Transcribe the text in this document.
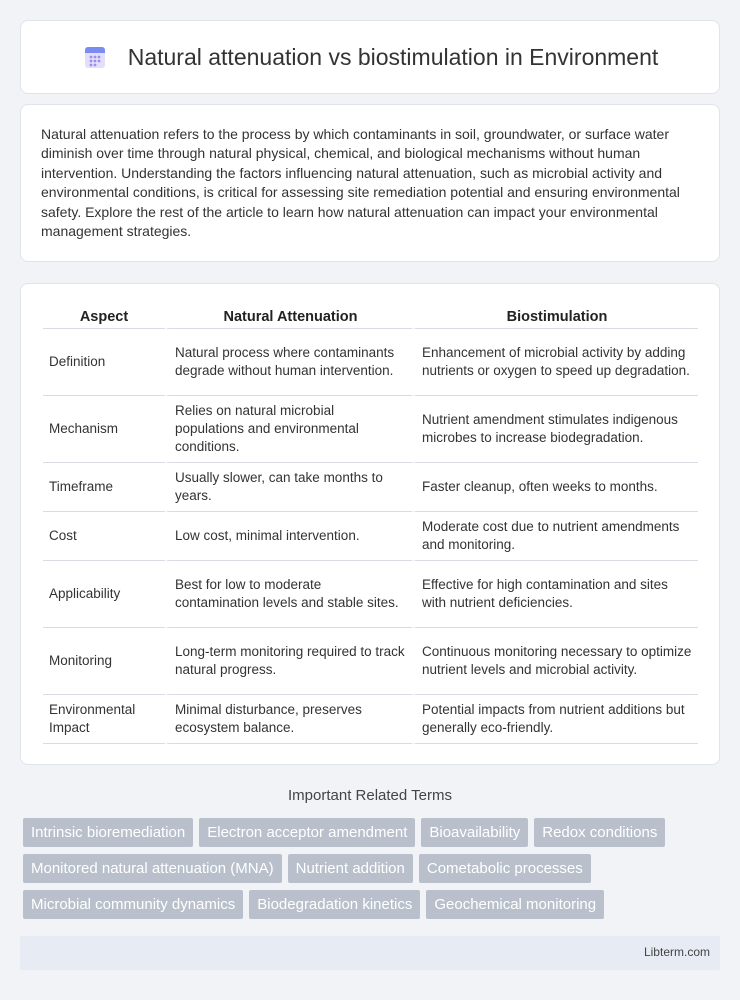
Natural attenuation vs biostimulation in Environment

Natural attenuation refers to the process by which contaminants in soil, groundwater, or surface water diminish over time through natural physical, chemical, and biological mechanisms without human intervention. Understanding the factors influencing natural attenuation, such as microbial activity and environmental conditions, is critical for assessing site remediation potential and ensuring environmental safety. Explore the rest of the article to learn how natural attenuation can impact your environmental management strategies.

Aspect	Natural Attenuation	Biostimulation
Definition	Natural process where contaminants degrade without human intervention.	Enhancement of microbial activity by adding nutrients or oxygen to speed up degradation.
Mechanism	Relies on natural microbial populations and environmental conditions.	Nutrient amendment stimulates indigenous microbes to increase biodegradation.
Timeframe	Usually slower, can take months to years.	Faster cleanup, often weeks to months.
Cost	Low cost, minimal intervention.	Moderate cost due to nutrient amendments and monitoring.
Applicability	Best for low to moderate contamination levels and stable sites.	Effective for high contamination and sites with nutrient deficiencies.
Monitoring	Long-term monitoring required to track natural progress.	Continuous monitoring necessary to optimize nutrient levels and microbial activity.
Environmental Impact	Minimal disturbance, preserves ecosystem balance.	Potential impacts from nutrient additions but generally eco-friendly.
Important Related Terms
Intrinsic bioremediation Electron acceptor amendment Bioavailability Redox conditionsMonitored natural attenuation (MNA) Nutrient addition Cometabolic processesMicrobial community dynamics Biodegradation kinetics Geochemical monitoring
Libterm.com
